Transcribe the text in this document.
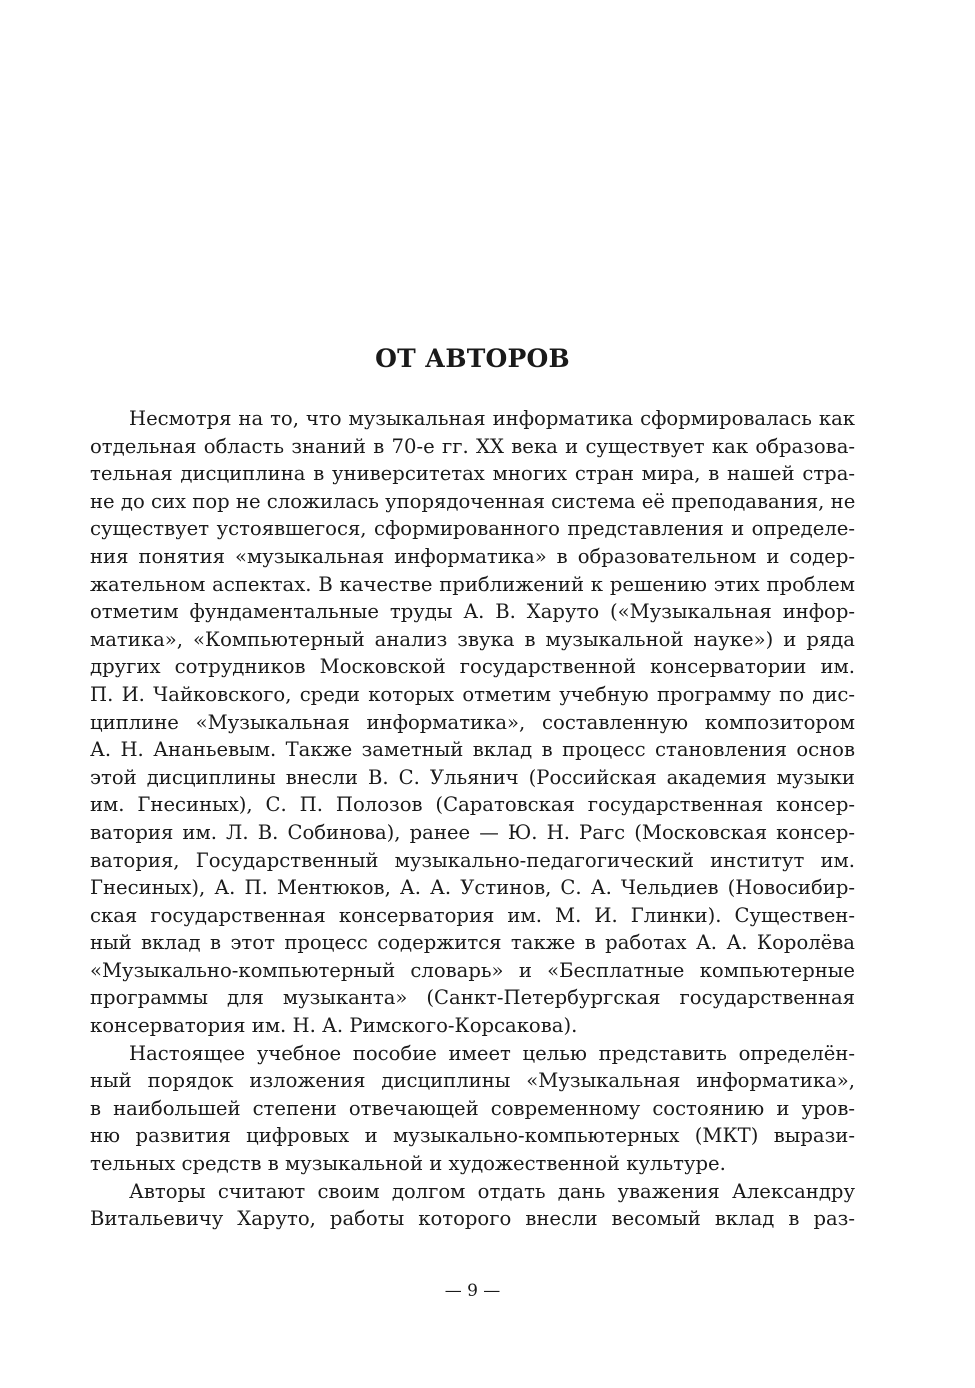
ОТ АВТОРОВ
Несмотря на то, что музыкальная информатика сформировалась как
отдельная область знаний в 70-е гг. XX века и существует как образова-
тельная дисциплина в университетах многих стран мира, в нашей стра-
не до сих пор не сложилась упорядоченная система её преподавания, не
существует устоявшегося, сформированного представления и определе-
ния понятия «музыкальная информатика» в образовательном и содер-
жательном аспектах. В качестве приближений к решению этих проблем
отметим фундаментальные труды А. В. Харуто («Музыкальная инфор-
матика», «Компьютерный анализ звука в музыкальной науке») и ряда
других сотрудников Московской государственной консерватории им.
П. И. Чайковского, среди которых отметим учебную программу по дис-
циплине «Музыкальная информатика», составленную композитором
А. Н. Ананьевым. Также заметный вклад в процесс становления основ
этой дисциплины внесли В. С. Ульянич (Российская академия музыки
им. Гнесиных), С. П. Полозов (Саратовская государственная консер-
ватория им. Л. В. Собинова), ранее — Ю. Н. Рагс (Московская консер-
ватория, Государственный музыкально-педагогический институт им.
Гнесиных), А. П. Ментюков, А. А. Устинов, С. А. Чельдиев (Новосибир-
ская государственная консерватория им. М. И. Глинки). Существен-
ный вклад в этот процесс содержится также в работах А. А. Королёва
«Музыкально-компьютерный словарь» и «Бесплатные компьютерные
программы для музыканта» (Санкт-Петербургская государственная
консерватория им. Н. А. Римского-Корсакова).
Настоящее учебное пособие имеет целью представить определён-
ный порядок изложения дисциплины «Музыкальная информатика»,
в наибольшей степени отвечающей современному состоянию и уров-
ню развития цифровых и музыкально-компьютерных (МКТ) вырази-
тельных средств в музыкальной и художественной культуре.
Авторы считают своим долгом отдать дань уважения Александру
Витальевичу Харуто, работы которого внесли весомый вклад в раз-
— 9 —
